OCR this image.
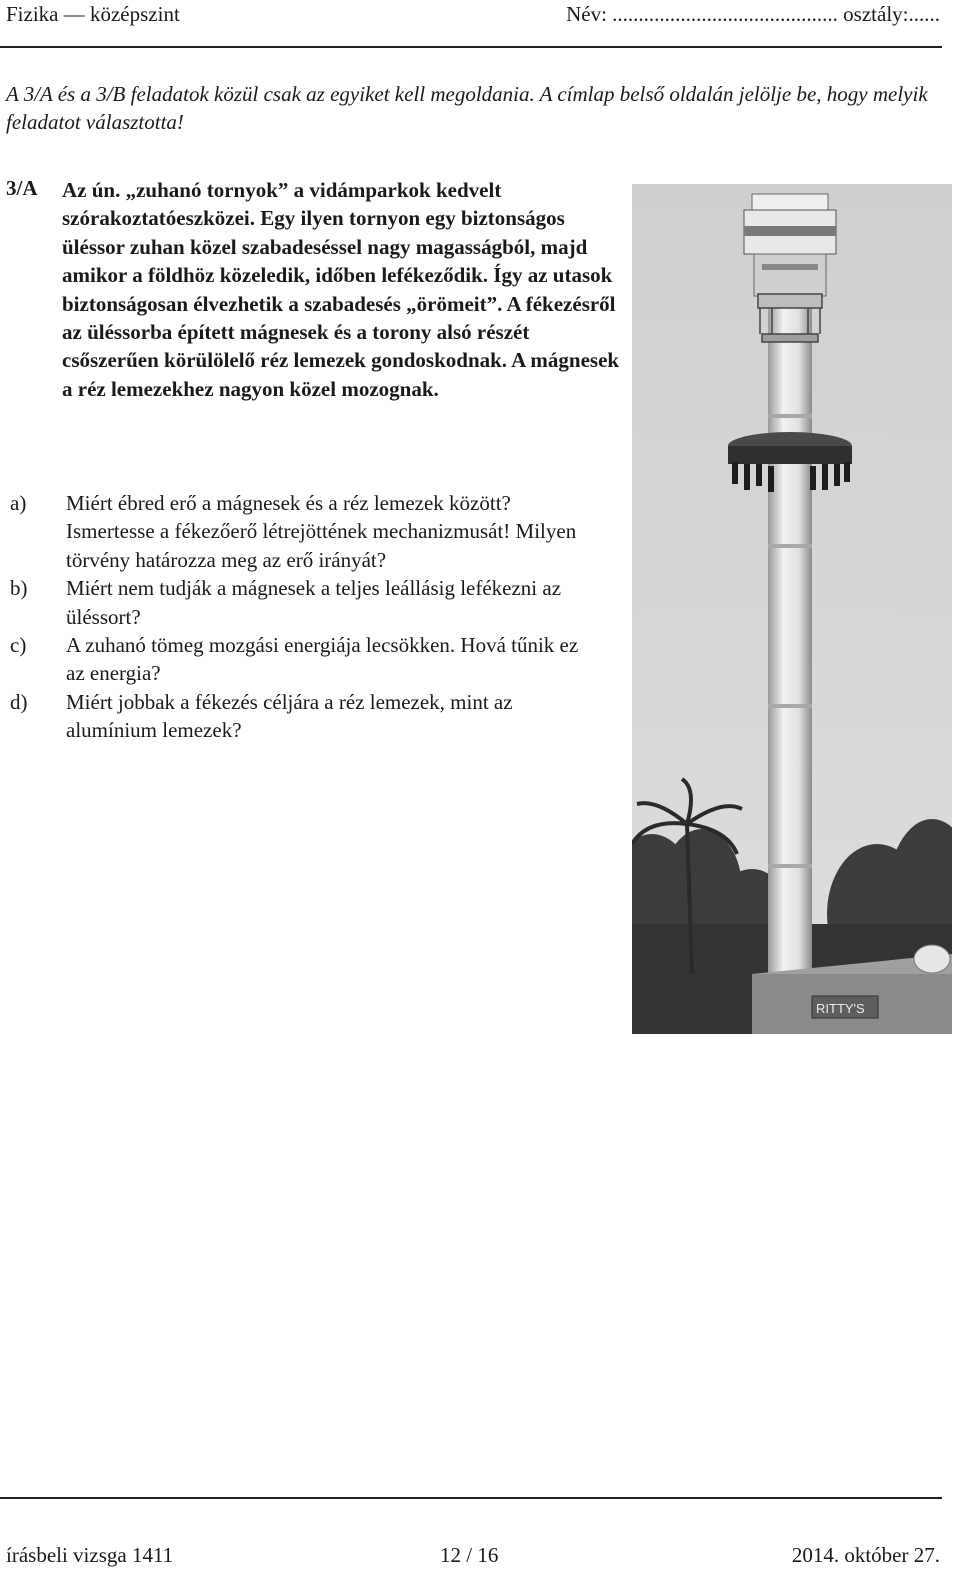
Fizika — középszint	Név: ........................................... osztály:......
A 3/A és a 3/B feladatok közül csak az egyiket kell megoldania. A címlap belső oldalán jelölje be, hogy melyik feladatot választotta!
3/A Az ún. „zuhanó tornyok” a vidámparkok kedvelt szórakoztatóeszközei. Egy ilyen tornyon egy biztonságos üléssor zuhan közel szabadeséssel nagy magasságból, majd amikor a földhöz közeledik, időben lefékeződik. Így az utasok biztonságosan élvezhetik a szabadesés „örömeit”. A fékezésről az üléssorba épített mágnesek és a torony alsó részét csőszerűen körülölelő réz lemezek gondoskodnak. A mágnesek a réz lemezekhez nagyon közel mozognak.
a)	Miért ébred erő a mágnesek és a réz lemezek között? Ismertesse a fékezőerő létrejöttének mechanizmusát! Milyen törvény határozza meg az erő irányát?
b)	Miért nem tudják a mágnesek a teljes leállásig lefékezni az üléssort?
c)	A zuhanó tömeg mozgási energiája lecsökken. Hová tűnik ez az energia?
d)	Miért jobbak a fékezés céljára a réz lemezek, mint az alumínium lemezek?
RITTY'S
írásbeli vizsga 1411	12 / 16	2014. október 27.
